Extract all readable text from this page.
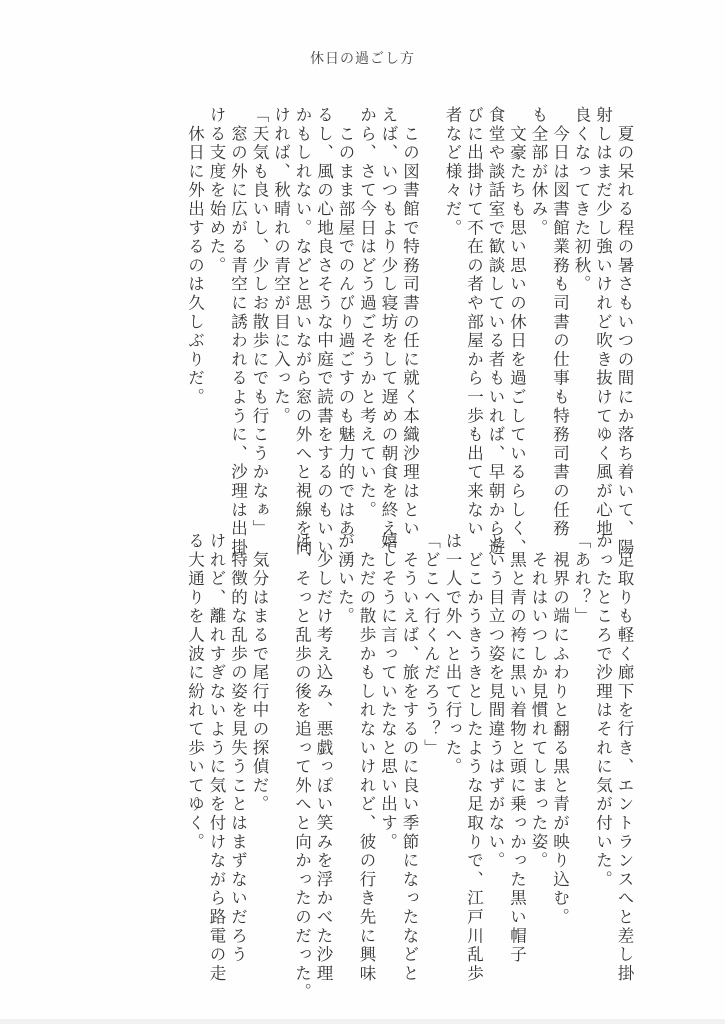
休日の過ごし方
　夏の呆れる程の暑さもいつの間にか落ち着いて、陽
射しはまだ少し強いけれど吹き抜けてゆく風が心地
良くなってきた初秋。
　今日は図書館業務も司書の仕事も特務司書の任務
も全部が休み。
　文豪たちも思い思いの休日を過ごしているらしく、
食堂や談話室で歓談している者もいれば、早朝から遊
びに出掛けて不在の者や部屋から一歩も出て来ない
者など様々だ。
　この図書館で特務司書の任に就く本織沙理はとい
えば、いつもより少し寝坊をして遅めの朝食を終えて
から、さて今日はどう過ごそうかと考えていた。
　このまま部屋でのんびり過ごすのも魅力的ではあ
るし、風の心地良さそうな中庭で読書をするのもいい
かもしれない。などと思いながら窓の外へと視線を向
ければ、秋晴れの青空が目に入った。
「天気も良いし、少しお散歩にでも行こうかなぁ」
　窓の外に広がる青空に誘われるように、沙理は出掛
ける支度を始めた。
　休日に外出するのは久しぶりだ。
　足取りも軽く廊下を行き、エントランスへと差し掛
かったところで沙理はそれに気が付いた。
「あれ？」
　視界の端にふわりと翻る黒と青が映り込む。
　それはいつしか見慣れてしまった姿。
　黒と青の袴に黒い着物と頭に乗っかった黒い帽子
という目立つ姿を見間違うはずがない。
　どこかうきうきとしたような足取りで、江戸川乱歩
は一人で外へと出て行った。
「どこへ行くんだろう？」
　そういえば、旅をするのに良い季節になったなどと
嬉しそうに言っていたなと思い出す。
　ただの散歩かもしれないけれど、彼の行き先に興味
が湧いた。
　少しだけ考え込み、悪戯っぽい笑みを浮かべた沙理
は、そっと乱歩の後を追って外へと向かったのだった。
　気分はまるで尾行中の探偵だ。
　特徴的な乱歩の姿を見失うことはまずないだろう
けれど、離れすぎないように気を付けながら路電の走
る大通りを人波に紛れて歩いてゆく。
